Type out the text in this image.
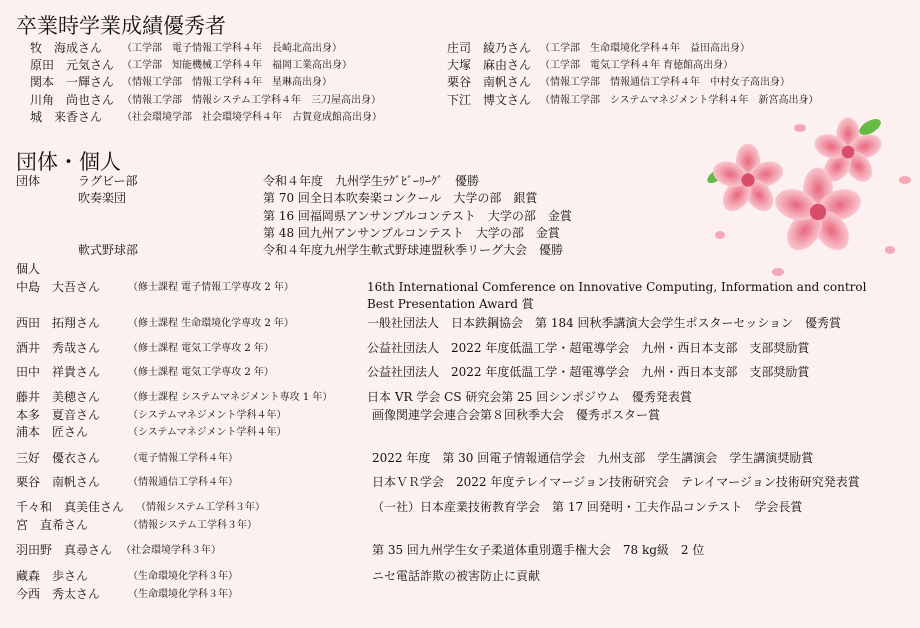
卒業時学業成績優秀者
牧　海成さん （工学部　電子情報工学科４年　長崎北高出身）
原田　元気さん （工学部　知能機械工学科４年　福岡工業高出身）
関本　一輝さん （情報工学部　情報工学科４年　星琳高出身）
川角　尚也さん （情報工学部　情報システム工学科４年　三刀屋高出身）
城　来香さん （社会環境学部　社会環境学科４年　古賀竟成館高出身）
庄司　綾乃さん （工学部　生命環境化学科４年　益田高出身）
大塚　麻由さん （工学部　電気工学科４年 育徳館高出身）
栗谷　南帆さん （情報工学部　情報通信工学科４年　中村女子高出身）
下江　博文さん （情報工学部　システムマネジメント学科４年　新宮高出身）
団体・個人
団体	ラグビー部	令和４年度　九州学生ﾗｸﾞﾋﾞｰﾘｰｸﾞ　優勝
吹奏楽団	第 70 回全日本吹奏楽コンクール　大学の部　銀賞
第 16 回福岡県アンサンブルコンテスト　大学の部　金賞
第 48 回九州アンサンブルコンテスト　大学の部　金賞
軟式野球部	令和４年度九州学生軟式野球連盟秋季リーグ大会　優勝
個人
中島　大吾さん	（修士課程 電子情報工学専攻 2 年）	16th International Comference on Innovative Computing, Information and control
Best Presentation Award 賞
西田　拓翔さん	（修士課程 生命環境化学専攻 2 年）	一般社団法人　日本鉄鋼協会　第 184 回秋季講演大会学生ポスターセッション　優秀賞
酒井　秀哉さん	（修士課程 電気工学専攻 2 年）	公益社団法人　2022 年度低温工学・超電導学会　九州・西日本支部　支部奨励賞
田中　祥貴さん	（修士課程 電気工学専攻 2 年）	公益社団法人　2022 年度低温工学・超電導学会　九州・西日本支部　支部奨励賞
藤井　美穂さん	（修士課程 システムマネジメント専攻 1 年）	日本 VR 学会 CS 研究会第 25 回シンポジウム　優秀発表賞
本多　夏音さん	（システムマネジメント学科４年）	画像関連学会連合会第８回秋季大会　優秀ポスター賞
浦本　匠さん	（システムマネジメント学科４年）
三好　優衣さん	（電子情報工学科４年）	2022 年度　第 30 回電子情報通信学会　九州支部　学生講演会　学生講演奨励賞
栗谷　南帆さん	（情報通信工学科４年）	日本ＶＲ学会　2022 年度テレイマージョン技術研究会　テレイマージョン技術研究発表賞
千々和　真美佳さん （情報システム工学科３年）	（一社）日本産業技術教育学会　第 17 回発明・工夫作品コンテスト　学会長賞
宮　直希さん	（情報システム工学科３年）
羽田野　真尋さん （社会環境学科３年）	第 35 回九州学生女子柔道体重別選手権大会　78 kg級　2 位
藏森　歩さん	（生命環境化学科３年）	ニセ電話詐欺の被害防止に貢献
今西　秀太さん	（生命環境化学科３年）
